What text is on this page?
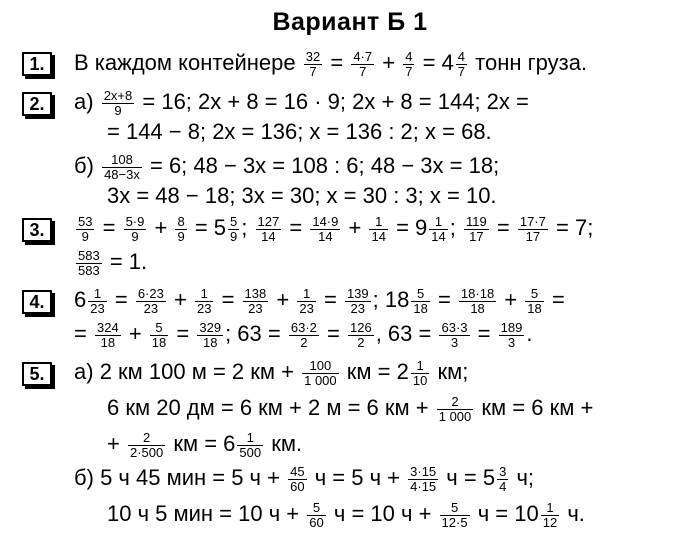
Вариант Б 1
1.	В каждом контейнере $\frac{32}{7} = \frac{4\cdot 7}{7} + \frac{4}{7} = 4 \frac{4}{7}$ тонн груза.
2.	$а) \frac{2x+8}{9} = 16$; 2x + 8 = 16 · 9; 2x + 8 = 144; 2x =
= 144 − 8; 2x = 136; x = 136 : 2; x = 68.
$б) \frac{108}{48-3x} = 6$; 48 − 3x = 108 : 6; 48 − 3x = 18;
3x = 48 − 18; 3x = 30; x = 30 : 3; x = 10.
3.	$\frac{53}{9} = \frac{5\cdot 9}{9} + \frac{8}{9} = 5 \frac{5}{9}$ ; $\frac{127}{14} = \frac{14\cdot 9}{14} + \frac{1}{14} = 9 \frac{1}{14}$ ; $\frac{119}{17} = \frac{17\cdot 7}{17} = 7$;
$\frac{583}{583} = 1$.
4.	$6 \frac{1}{23} = \frac{6\cdot 23}{23} + \frac{1}{23} = \frac{138}{23} + \frac{1}{23} = \frac{139}{23}$ ; $18 \frac{5}{18} = \frac{18\cdot 18}{18} + \frac{5}{18}$ =
= $\frac{324}{18} + \frac{5}{18} = \frac{329}{18}$ ; $63 = \frac{63\cdot 2}{2} = \frac{126}{2}$ , $63 = \frac{63\cdot 3}{3} = \frac{189}{3}$ .
5.	а) 2 км 100 м = 2 км + $\frac{100}{1 000}$ км = $2 \frac{1}{10}$ км;
6 км 20 дм = 6 км + 2 м = 6 км + $\frac{2}{1 000}$ км = 6 км +
+ $\frac{2}{2\cdot 500}$ км = $6 \frac{1}{500}$ км.
б) 5 ч 45 мин = 5 $ч + \frac{45}{60}$ ч = 5 $ч + \frac{3\cdot 15}{4\cdot 15}$ $ч = 5 \frac{3}{4} ч$;
10 ч 5 мин = 10 $ч + \frac{5}{60}$ ч = 10 $ч + \frac{5}{12\cdot 5}$ $ч = 10 \frac{1}{12} ч$.
